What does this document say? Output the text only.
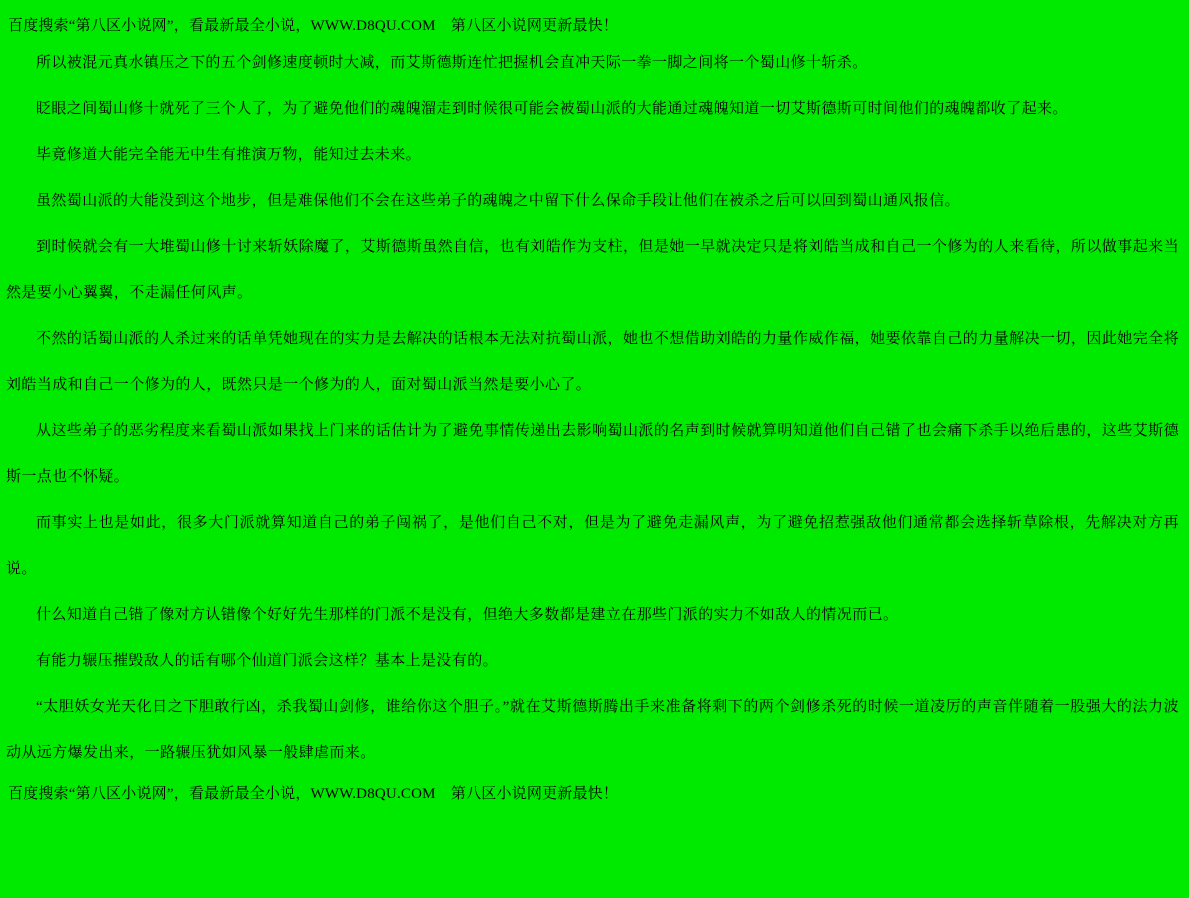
百度搜索“第八区小说网”，看最新最全小说，WWW.D8QU.COM　第八区小说网更新最快！

所以被混元真水镇压之下的五个剑修速度顿时大减，而艾斯德斯连忙把握机会直冲天际一拳一脚之间将一个蜀山修十斩杀。

眨眼之间蜀山修十就死了三个人了，为了避免他们的魂魄溜走到时候很可能会被蜀山派的大能通过魂魄知道一切艾斯德斯可时间他们的魂魄都收了起来。

毕竟修道大能完全能无中生有推演万物，能知过去未来。

虽然蜀山派的大能没到这个地步，但是难保他们不会在这些弟子的魂魄之中留下什么保命手段让他们在被杀之后可以回到蜀山通风报信。

到时候就会有一大堆蜀山修十讨来斩妖除魔了，艾斯德斯虽然自信，也有刘皓作为支柱，但是她一早就决定只是将刘皓当成和自己一个修为的人来看待，所以做事起来当然是要小心翼翼，不走漏任何风声。

不然的话蜀山派的人杀过来的话单凭她现在的实力是去解决的话根本无法对抗蜀山派，她也不想借助刘皓的力量作威作福，她要依靠自己的力量解决一切，因此她完全将刘皓当成和自己一个修为的人，既然只是一个修为的人，面对蜀山派当然是要小心了。

从这些弟子的恶劣程度来看蜀山派如果找上门来的话估计为了避免事情传递出去影响蜀山派的名声到时候就算明知道他们自己错了也会痛下杀手以绝后患的，这些艾斯德斯一点也不怀疑。

而事实上也是如此，很多大门派就算知道自己的弟子闯祸了，是他们自己不对，但是为了避免走漏风声，为了避免招惹强敌他们通常都会选择斩草除根，先解决对方再说。

什么知道自己错了像对方认错像个好好先生那样的门派不是没有，但绝大多数都是建立在那些门派的实力不如敌人的情况而已。

有能力辗压摧毁敌人的话有哪个仙道门派会这样？基本上是没有的。

“太胆妖女光天化日之下胆敢行凶，杀我蜀山剑修，谁给你这个胆子。”就在艾斯德斯腾出手来准备将剩下的两个剑修杀死的时候一道凌厉的声音伴随着一股强大的法力波动从远方爆发出来，一路辗压犹如风暴一般肆虐而来。

百度搜索“第八区小说网”，看最新最全小说，WWW.D8QU.COM　第八区小说网更新最快！
